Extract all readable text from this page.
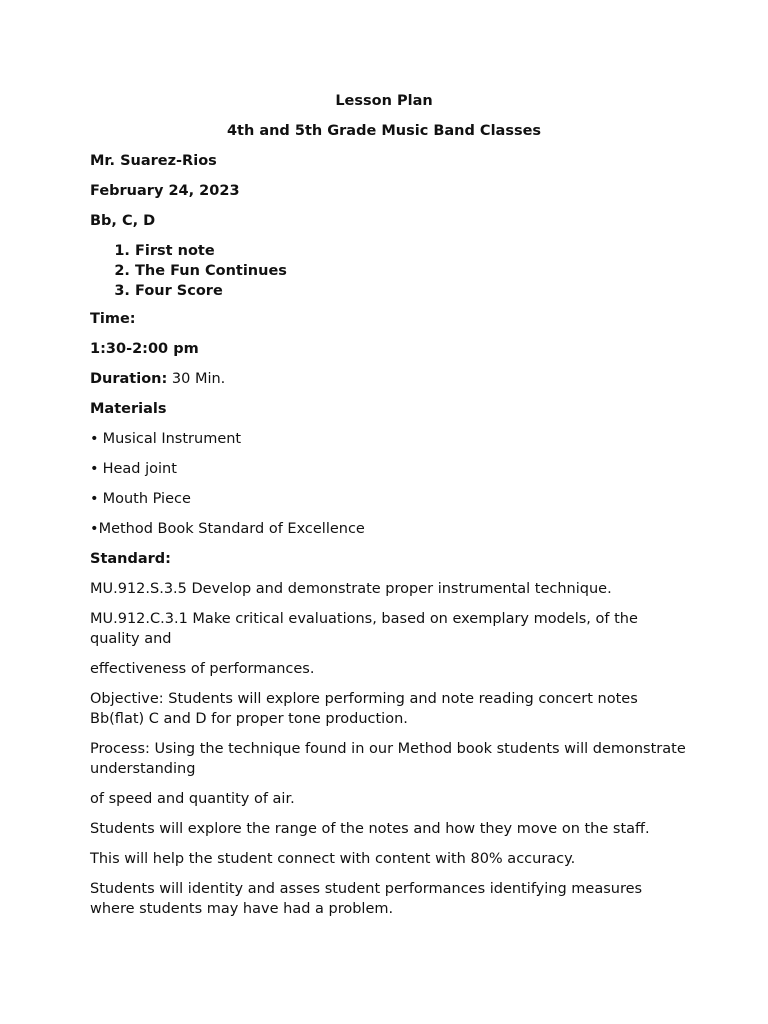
Lesson Plan
4th and 5th Grade Music Band Classes
Mr. Suarez-Rios
February 24, 2023
Bb, C, D
1. First note
2. The Fun Continues
3. Four Score
Time:
1:30-2:00 pm
Duration: 30 Min.
Materials
• Musical Instrument
• Head joint
• Mouth Piece
•Method Book Standard of Excellence
Standard:
MU.912.S.3.5 Develop and demonstrate proper instrumental technique.
MU.912.C.3.1 Make critical evaluations, based on exemplary models, of the quality and
effectiveness of performances.
Objective: Students will explore performing and note reading concert notes Bb(flat) C and D for proper tone production.
Process: Using the technique found in our Method book students will demonstrate understanding
of speed and quantity of air.
Students will explore the range of the notes and how they move on the staff.
This will help the student connect with content with 80% accuracy.
Students will identity and asses student performances identifying measures where students may have had a problem.
